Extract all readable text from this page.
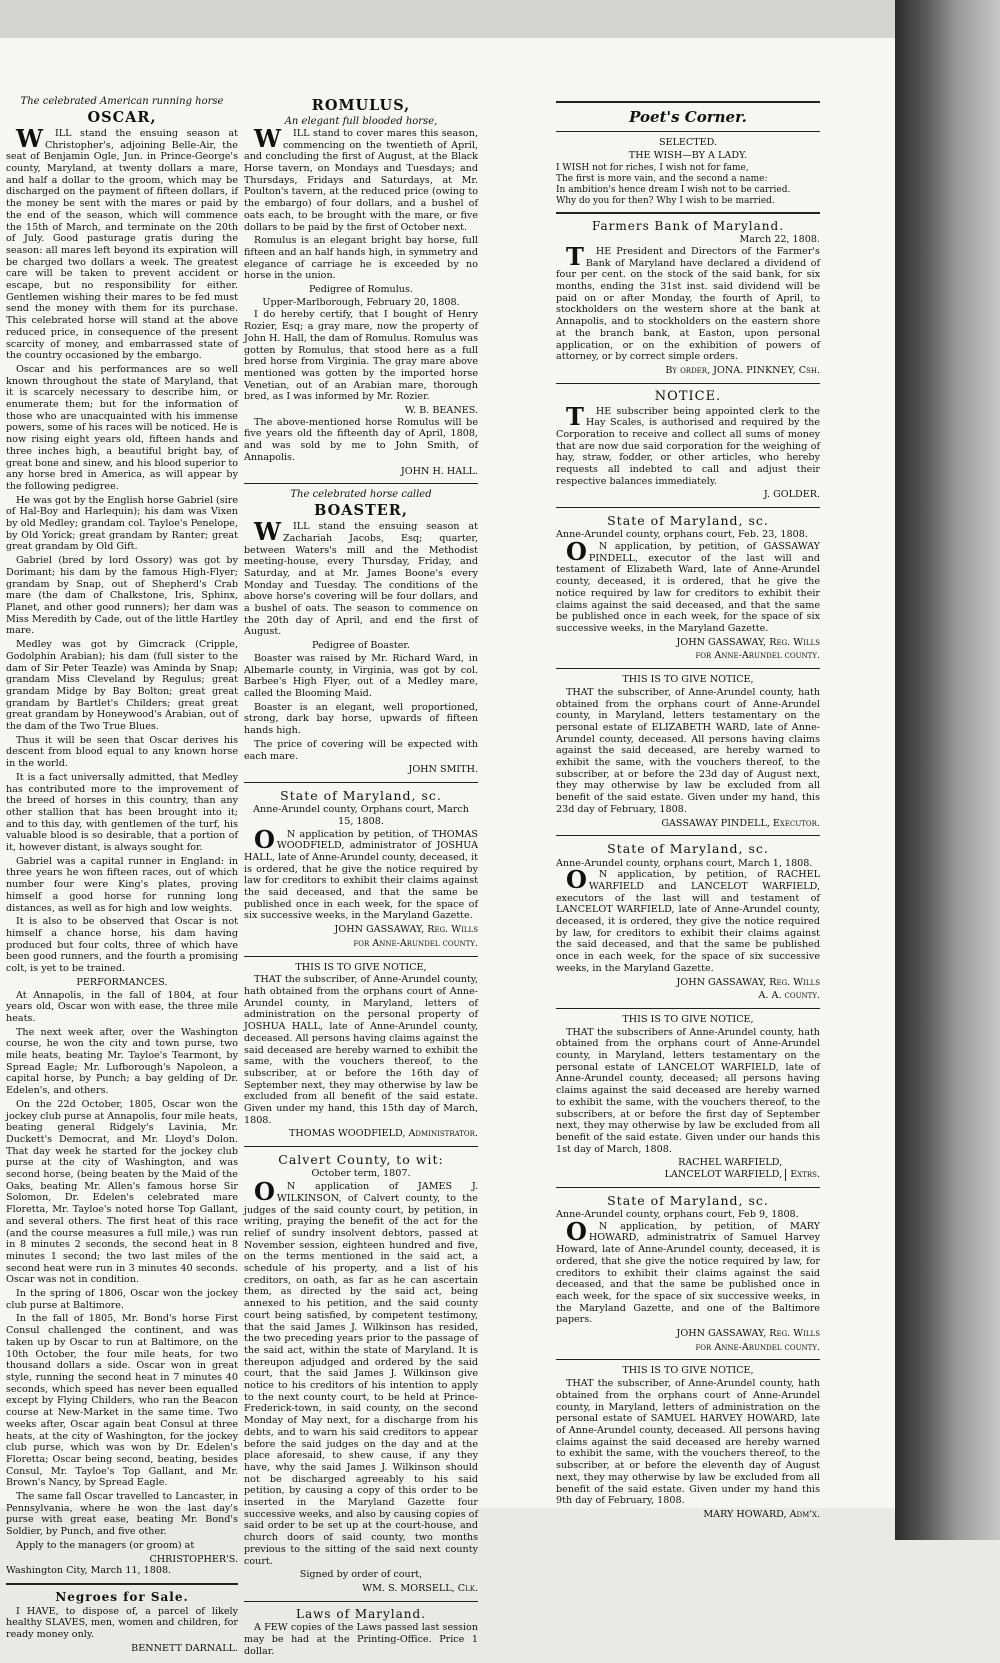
The celebrated American running horse
OSCAR,

WILL stand the ensuing season at Christopher's, adjoining Belle-Air, the seat of Benjamin Ogle, Jun. in Prince-George's county, Maryland, at twenty dollars a mare, and half a dollar to the groom, which may be discharged on the payment of fifteen dollars, if the money be sent with the mares or paid by the end of the season, which will commence the 15th of March, and terminate on the 20th of July. Good pasturage gratis during the season: all mares left beyond its expiration will be charged two dollars a week. The greatest care will be taken to prevent accident or escape, but no responsibility for either. Gentlemen wishing their mares to be fed must send the money with them for its purchase. This celebrated horse will stand at the above reduced price, in consequence of the present scarcity of money, and embarrassed state of the country occasioned by the embargo.

Oscar and his performances are so well known throughout the state of Maryland, that it is scarcely necessary to describe him, or enumerate them; but for the information of those who are unacquainted with his immense powers, some of his races will be noticed. He is now rising eight years old, fifteen hands and three inches high, a beautiful bright bay, of great bone and sinew, and his blood superior to any horse bred in America, as will appear by the following pedigree.

He was got by the English horse Gabriel (sire of Hal-Boy and Harlequin); his dam was Vixen by old Medley; grandam col. Tayloe's Penelope, by Old Yorick; great grandam by Ranter; great great grandam by Old Gift.

Gabriel (bred by lord Ossory) was got by Dorimant; his dam by the famous High-Flyer; grandam by Snap, out of Shepherd's Crab mare (the dam of Chalkstone, Iris, Sphinx, Planet, and other good runners); her dam was Miss Meredith by Cade, out of the little Hartley mare.

Medley was got by Gimcrack (Cripple, Godolphin Arabian); his dam (full sister to the dam of Sir Peter Teazle) was Aminda by Snap; grandam Miss Cleveland by Regulus; great grandam Midge by Bay Bolton; great great grandam by Bartlet's Childers; great great great grandam by Honeywood's Arabian, out of the dam of the Two True Blues.

Thus it will be seen that Oscar derives his descent from blood equal to any known horse in the world.

It is a fact universally admitted, that Medley has contributed more to the improvement of the breed of horses in this country, than any other stallion that has been brought into it; and to this day, with gentlemen of the turf, his valuable blood is so desirable, that a portion of it, however distant, is always sought for.

Gabriel was a capital runner in England: in three years he won fifteen races, out of which number four were King's plates, proving himself a good horse for running long distances, as well as for high and low weights.

It is also to be observed that Oscar is not himself a chance horse, his dam having produced but four colts, three of which have been good runners, and the fourth a promising colt, is yet to be trained.

PERFORMANCES.

At Annapolis, in the fall of 1804, at four years old, Oscar won with ease, the three mile heats.

The next week after, over the Washington course, he won the city and town purse, two mile heats, beating Mr. Tayloe's Tearmont, by Spread Eagle; Mr. Lufborough's Napoleon, a capital horse, by Punch; a bay gelding of Dr. Edelen's, and others.

On the 22d October, 1805, Oscar won the jockey club purse at Annapolis, four mile heats, beating general Ridgely's Lavinia, Mr. Duckett's Democrat, and Mr. Lloyd's Dolon. That day week he started for the jockey club purse at the city of Washington, and was second horse, (being beaten by the Maid of the Oaks, beating Mr. Allen's famous horse Sir Solomon, Dr. Edelen's celebrated mare Floretta, Mr. Tayloe's noted horse Top Gallant, and several others. The first heat of this race (and the course measures a full mile,) was run in 8 minutes 2 seconds, the second heat in 8 minutes 1 second; the two last miles of the second heat were run in 3 minutes 40 seconds. Oscar was not in condition.

In the spring of 1806, Oscar won the jockey club purse at Baltimore.

In the fall of 1805, Mr. Bond's horse First Consul challenged the continent, and was taken up by Oscar to run at Baltimore, on the 10th October, the four mile heats, for two thousand dollars a side. Oscar won in great style, running the second heat in 7 minutes 40 seconds, which speed has never been equalled except by Flying Childers, who ran the Beacon course at New-Market in the same time. Two weeks after, Oscar again beat Consul at three heats, at the city of Washington, for the jockey club purse, which was won by Dr. Edelen's Floretta; Oscar being second, beating, besides Consul, Mr. Tayloe's Top Gallant, and Mr. Brown's Nancy, by Spread Eagle.

The same fall Oscar travelled to Lancaster, in Pennsylvania, where he won the last day's purse with great ease, beating Mr. Bond's Soldier, by Punch, and five other.

Apply to the managers (or groom) at

CHRISTOPHER'S.
Washington City, March 11, 1808.
Negroes for Sale.

I HAVE, to dispose of, a parcel of likely healthy SLAVES, men, women and children, for ready money only.

BENNETT DARNALL.
ROMULUS,
An elegant full blooded horse,

WILL stand to cover mares this season, commencing on the twentieth of April, and concluding the first of August, at the Black Horse tavern, on Mondays and Tuesdays; and Thursdays, Fridays and Saturdays, at Mr. Poulton's tavern, at the reduced price (owing to the embargo) of four dollars, and a bushel of oats each, to be brought with the mare, or five dollars to be paid by the first of October next.

Romulus is an elegant bright bay horse, full fifteen and an half hands high, in symmetry and elegance of carriage he is exceeded by no horse in the union.

Pedigree of Romulus.
Upper-Marlborough, February 20, 1808.

I do hereby certify, that I bought of Henry Rozier, Esq; a gray mare, now the property of John H. Hall, the dam of Romulus. Romulus was gotten by Romulus, that stood here as a full bred horse from Virginia. The gray mare above mentioned was gotten by the imported horse Venetian, out of an Arabian mare, thorough bred, as I was informed by Mr. Rozier.

W. B. BEANES.

The above-mentioned horse Romulus will be five years old the fifteenth day of April, 1808, and was sold by me to John Smith, of Annapolis.

JOHN H. HALL.
The celebrated horse called
BOASTER,

WILL stand the ensuing season at Zachariah Jacobs, Esq; quarter, between Waters's mill and the Methodist meeting-house, every Thursday, Friday, and Saturday, and at Mr. James Boone's every Monday and Tuesday. The conditions of the above horse's covering will be four dollars, and a bushel of oats. The season to commence on the 20th day of April, and end the first of August.

Pedigree of Boaster.

Boaster was raised by Mr. Richard Ward, in Albemarle county, in Virginia, was got by col. Barbee's High Flyer, out of a Medley mare, called the Blooming Maid.

Boaster is an elegant, well proportioned, strong, dark bay horse, upwards of fifteen hands high.

The price of covering will be expected with each mare.

JOHN SMITH.
State of Maryland, sc.
Anne-Arundel county, Orphans court, March 15, 1808.

ON application by petition, of THOMAS WOODFIELD, administrator of JOSHUA HALL, late of Anne-Arundel county, deceased, it is ordered, that he give the notice required by law for creditors to exhibit their claims against the said deceased, and that the same be published once in each week, for the space of six successive weeks, in the Maryland Gazette.

JOHN GASSAWAY, Reg. Wills
for Anne-Arundel county.
THIS IS TO GIVE NOTICE,

THAT the subscriber, of Anne-Arundel county, hath obtained from the orphans court of Anne-Arundel county, in Maryland, letters of administration on the personal property of JOSHUA HALL, late of Anne-Arundel county, deceased. All persons having claims against the said deceased are hereby warned to exhibit the same, with the vouchers thereof, to the subscriber, at or before the 16th day of September next, they may otherwise by law be excluded from all benefit of the said estate. Given under my hand, this 15th day of March, 1808.

THOMAS WOODFIELD, Administrator.
Calvert County, to wit:
October term, 1807.

ON application of JAMES J. WILKINSON, of Calvert county, to the judges of the said county court, by petition, in writing, praying the benefit of the act for the relief of sundry insolvent debtors, passed at November session, eighteen hundred and five, on the terms mentioned in the said act, a schedule of his property, and a list of his creditors, on oath, as far as he can ascertain them, as directed by the said act, being annexed to his petition, and the said county court being satisfied, by competent testimony, that the said James J. Wilkinson has resided, the two preceding years prior to the passage of the said act, within the state of Maryland. It is thereupon adjudged and ordered by the said court, that the said James J. Wilkinson give notice to his creditors of his intention to apply to the next county court, to be held at Prince-Frederick-town, in said county, on the second Monday of May next, for a discharge from his debts, and to warn his said creditors to appear before the said judges on the day and at the place aforesaid, to shew cause, if any they have, why the said James J. Wilkinson should not be discharged agreeably to his said petition, by causing a copy of this order to be inserted in the Maryland Gazette four successive weeks, and also by causing copies of said order to be set up at the court-house, and church doors of said county, two months previous to the sitting of the said next county court.

Signed by order of court,
WM. S. MORSELL, Clk.
Laws of Maryland.

A FEW copies of the Laws passed last session may be had at the Printing-Office. Price 1 dollar.

Poet's Corner.
SELECTED.
THE WISH—BY A LADY.
I WISH not for riches, I wish not for fame,
The first is more vain, and the second a name:
In ambition's hence dream I wish not to be carried.
Why do you for then? Why I wish to be married.
Farmers Bank of Maryland.
March 22, 1808.

THE President and Directors of the Farmer's Bank of Maryland have declared a dividend of four per cent. on the stock of the said bank, for six months, ending the 31st inst. said dividend will be paid on or after Monday, the fourth of April, to stockholders on the western shore at the bank at Annapolis, and to stockholders on the eastern shore at the branch bank, at Easton, upon personal application, or on the exhibition of powers of attorney, or by correct simple orders.

By order, JONA. PINKNEY, Csh.
NOTICE.

THE subscriber being appointed clerk to the Hay Scales, is authorised and required by the Corporation to receive and collect all sums of money that are now due said corporation for the weighing of hay, straw, fodder, or other articles, who hereby requests all indebted to call and adjust their respective balances immediately.

J. GOLDER.
State of Maryland, sc.
Anne-Arundel county, orphans court, Feb. 23, 1808.

ON application, by petition, of GASSAWAY PINDELL, executor of the last will and testament of Elizabeth Ward, late of Anne-Arundel county, deceased, it is ordered, that he give the notice required by law for creditors to exhibit their claims against the said deceased, and that the same be published once in each week, for the space of six successive weeks, in the Maryland Gazette.

JOHN GASSAWAY, Reg. Wills
for Anne-Arundel county.
THIS IS TO GIVE NOTICE,

THAT the subscriber, of Anne-Arundel county, hath obtained from the orphans court of Anne-Arundel county, in Maryland, letters testamentary on the personal estate of ELIZABETH WARD, late of Anne-Arundel county, deceased. All persons having claims against the said deceased, are hereby warned to exhibit the same, with the vouchers thereof, to the subscriber, at or before the 23d day of August next, they may otherwise by law be excluded from all benefit of the said estate. Given under my hand, this 23d day of February, 1808.

GASSAWAY PINDELL, Executor.
State of Maryland, sc.
Anne-Arundel county, orphans court, March 1, 1808.

ON application, by petition, of RACHEL WARFIELD and LANCELOT WARFIELD, executors of the last will and testament of LANCELOT WARFIELD, late of Anne-Arundel county, deceased, it is ordered, they give the notice required by law, for creditors to exhibit their claims against the said deceased, and that the same be published once in each week, for the space of six successive weeks, in the Maryland Gazette.

JOHN GASSAWAY, Reg. Wills
A. A. county.
THIS IS TO GIVE NOTICE,

THAT the subscribers of Anne-Arundel county, hath obtained from the orphans court of Anne-Arundel county, in Maryland, letters testamentary on the personal estate of LANCELOT WARFIELD, late of Anne-Arundel county, deceased; all persons having claims against the said deceased are hereby warned to exhibit the same, with the vouchers thereof, to the subscribers, at or before the first day of September next, they may otherwise by law be excluded from all benefit of the said estate. Given under our hands this 1st day of March, 1808.

RACHEL WARFIELD,
LANCELOT WARFIELD, Extrs.
State of Maryland, sc.
Anne-Arundel county, orphans court, Feb 9, 1808.

ON application, by petition, of MARY HOWARD, administratrix of Samuel Harvey Howard, late of Anne-Arundel county, deceased, it is ordered, that she give the notice required by law, for creditors to exhibit their claims against the said deceased, and that the same be published once in each week, for the space of six successive weeks, in the Maryland Gazette, and one of the Baltimore papers.

JOHN GASSAWAY, Reg. Wills
for Anne-Arundel county.
THIS IS TO GIVE NOTICE,

THAT the subscriber, of Anne-Arundel county, hath obtained from the orphans court of Anne-Arundel county, in Maryland, letters of administration on the personal estate of SAMUEL HARVEY HOWARD, late of Anne-Arundel county, deceased. All persons having claims against the said deceased are hereby warned to exhibit the same, with the vouchers thereof, to the subscriber, at or before the eleventh day of August next, they may otherwise by law be excluded from all benefit of the said estate. Given under my hand this 9th day of February, 1808.

MARY HOWARD, Adm'x.
